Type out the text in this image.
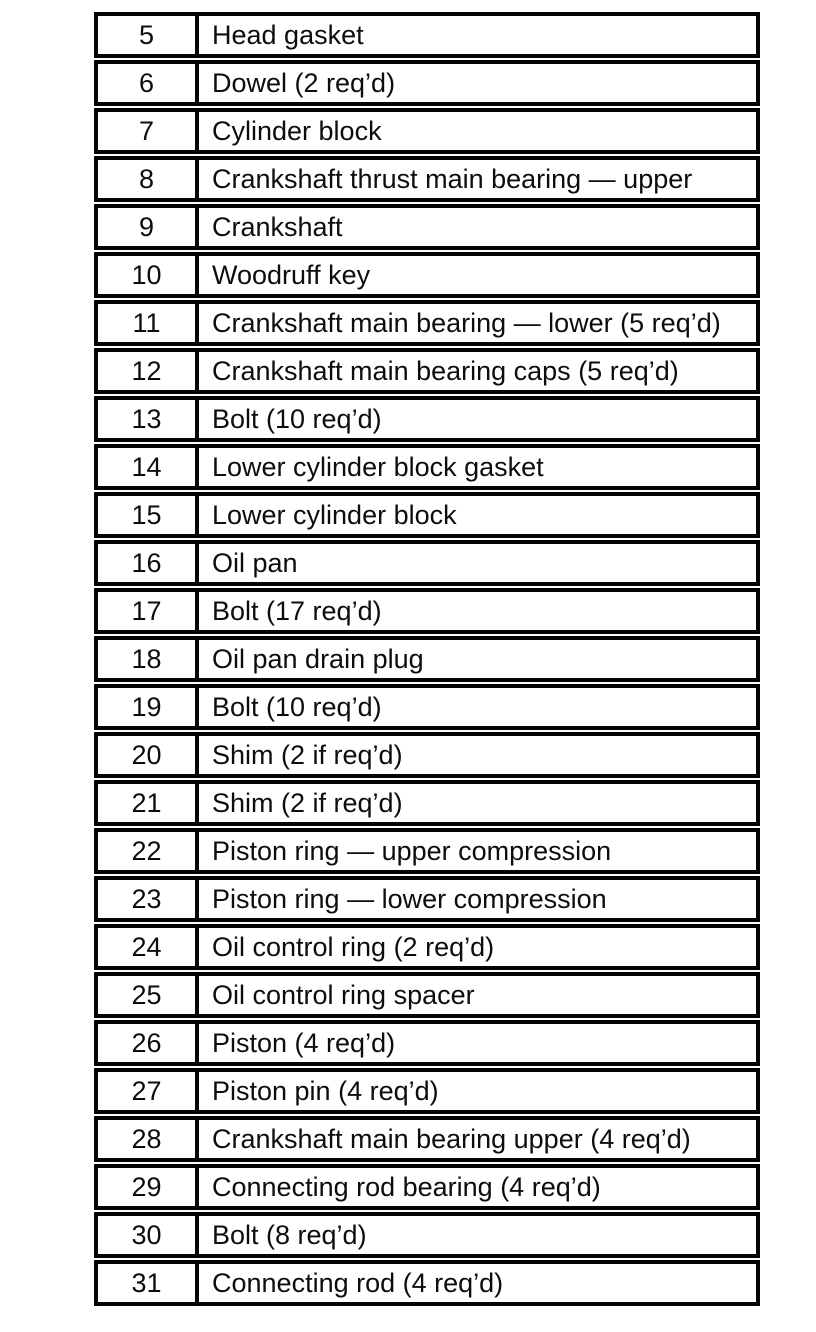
5	Head gasket
6	Dowel (2 req’d)
7	Cylinder block
8	Crankshaft thrust main bearing — upper
9	Crankshaft
10	Woodruff key
11	Crankshaft main bearing — lower (5 req’d)
12	Crankshaft main bearing caps (5 req’d)
13	Bolt (10 req’d)
14	Lower cylinder block gasket
15	Lower cylinder block
16	Oil pan
17	Bolt (17 req’d)
18	Oil pan drain plug
19	Bolt (10 req’d)
20	Shim (2 if req’d)
21	Shim (2 if req’d)
22	Piston ring — upper compression
23	Piston ring — lower compression
24	Oil control ring (2 req’d)
25	Oil control ring spacer
26	Piston (4 req’d)
27	Piston pin (4 req’d)
28	Crankshaft main bearing upper (4 req’d)
29	Connecting rod bearing (4 req’d)
30	Bolt (8 req’d)
31	Connecting rod (4 req’d)
